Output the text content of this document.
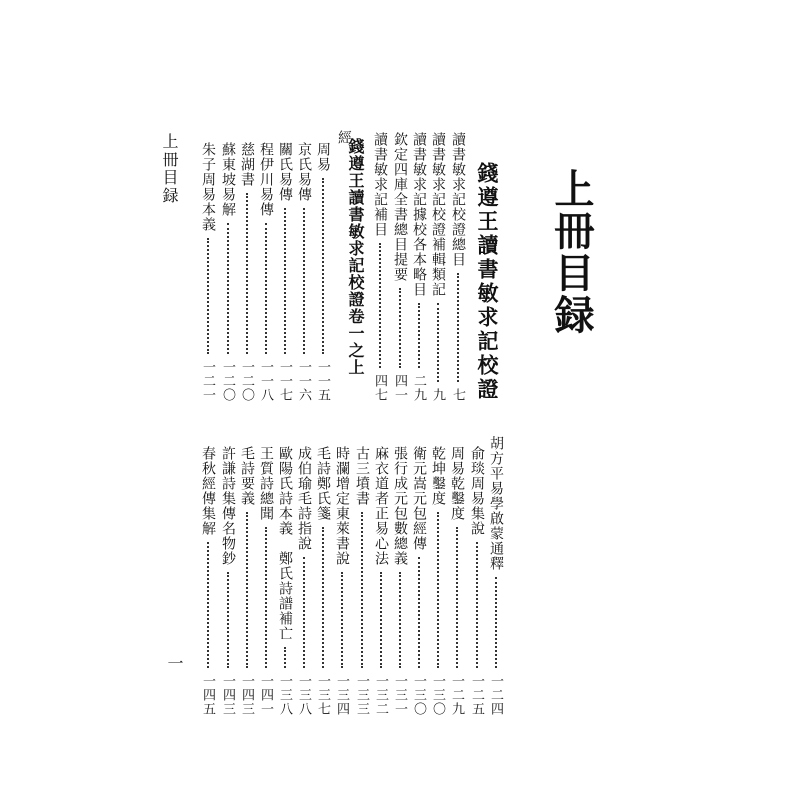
上冊目録
上冊目録	錢遵王讀書敏求記校證
錢遵王讀書敏求記校證卷一之上
經
一
讀書敏求記校證總目
七
讀書敏求記校證補輯類記
九
讀書敏求記據校各本略目
二九
欽定四庫全書總目提要
四一
讀書敏求記補目
四七
周易
一一五
京氏易傳
一一六
關氏易傳
一一七
程伊川易傳
一一八
慈湖書
一二〇
蘇東坡易解
一二〇
朱子周易本義
一二一
胡方平易學啟蒙通釋
一二四
俞琰周易集說
一二五
周易乾鑿度
一二九
乾坤鑿度
一三〇
衛元嵩元包經傳
一三〇
張行成元包數總義
一三一
麻衣道者正易心法
一三二
古三墳書
一三三
時瀾增定東萊書說
一三四
毛詩鄭氏箋
一三七
成伯瑜毛詩指說
一三八
歐陽氏詩本義　鄭氏詩譜補亡
一三八
王質詩總聞
一四一
毛詩要義
一四三
許謙詩集傳名物鈔
一四三
春秋經傳集解
一四五
